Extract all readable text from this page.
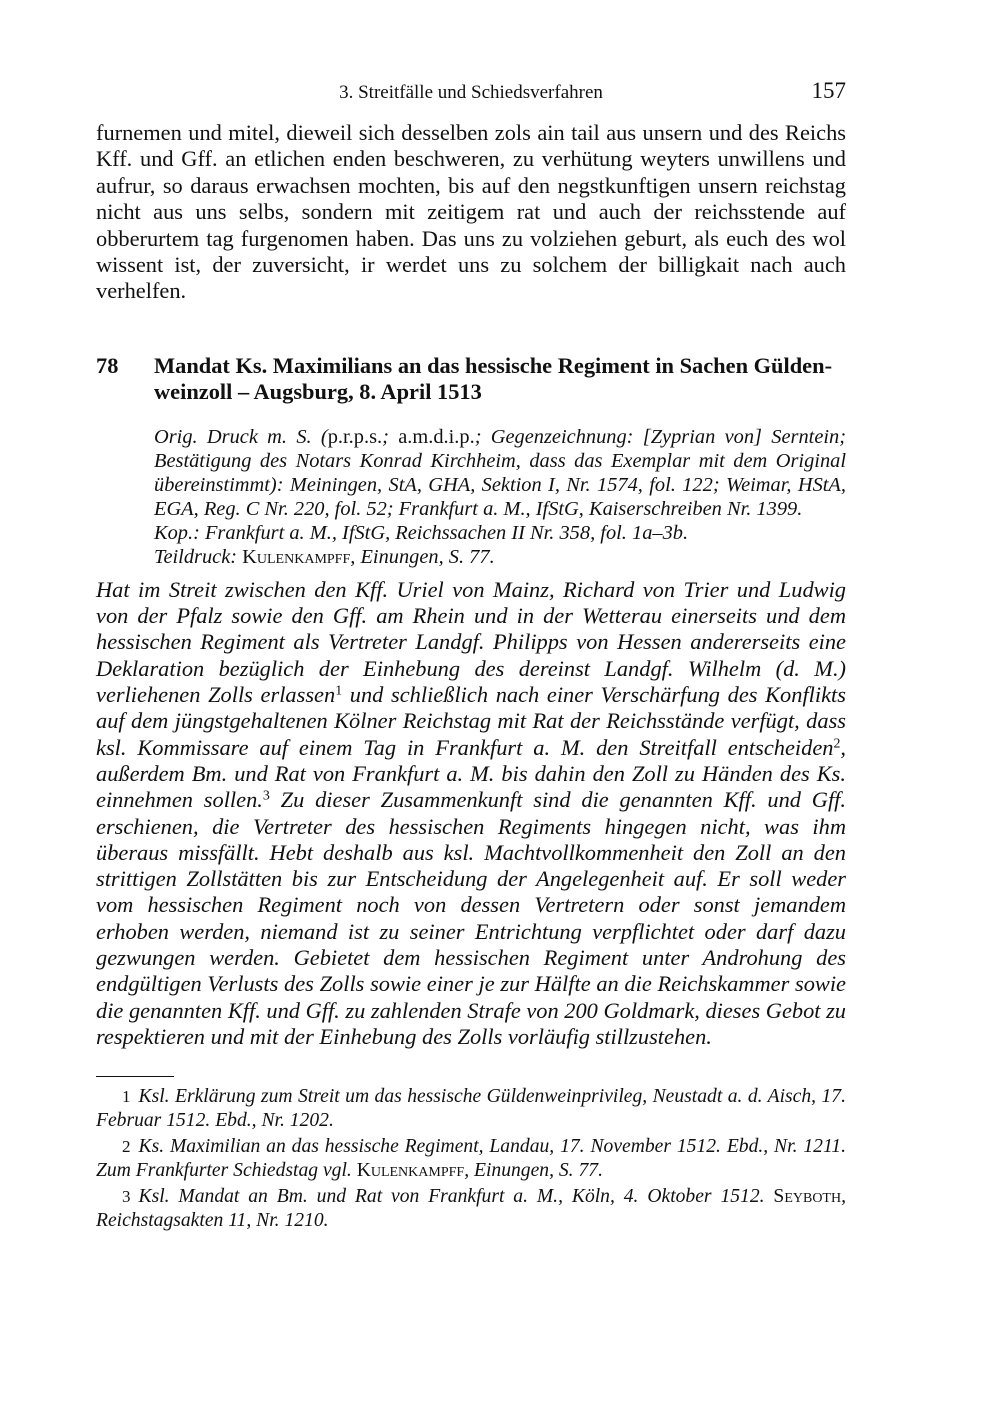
3. Streitfälle und Schiedsverfahren	157

furnemen und mitel, dieweil sich desselben zols ain tail aus unsern und des Reichs Kff. und Gff. an etlichen enden beschweren, zu verhütung weyters unwillens und aufrur, so daraus erwachsen mochten, bis auf den negstkunftigen unsern reichstag nicht aus uns selbs, sondern mit zeitigem rat und auch der reichsstende auf obberurtem tag furgenomen haben. Das uns zu volziehen geburt, als euch des wol wissent ist, der zuversicht, ir werdet uns zu solchem der billigkait nach auch verhelfen.

78	Mandat Ks. Maximilians an das hessische Regiment in Sachen Güldenweinzoll – Augsburg, 8. April 1513
Orig. Druck m. S. (p.r.p.s.; a.m.d.i.p.; Gegenzeichnung: [Zyprian von] Serntein; Bestätigung des Notars Konrad Kirchheim, dass das Exemplar mit dem Original übereinstimmt): Meiningen, StA, GHA, Sektion I, Nr. 1574, fol. 122; Weimar, HStA, EGA, Reg. C Nr. 220, fol. 52; Frankfurt a. M., IfStG, Kaiserschreiben Nr. 1399.
Kop.: Frankfurt a. M., IfStG, Reichssachen II Nr. 358, fol. 1a–3b.
Teildruck: Kulenkampff, Einungen, S. 77.

Hat im Streit zwischen den Kff. Uriel von Mainz, Richard von Trier und Ludwig von der Pfalz sowie den Gff. am Rhein und in der Wetterau einerseits und dem hessischen Regiment als Vertreter Landgf. Philipps von Hessen andererseits eine Deklaration bezüglich der Einhebung des dereinst Landgf. Wilhelm (d. M.) verliehenen Zolls erlassen$^1$ und schließlich nach einer Verschärfung des Konflikts auf dem jüngstgehaltenen Kölner Reichstag mit Rat der Reichsstände verfügt, dass ksl. Kommissare auf einem Tag in Frankfurt a. M. den Streitfall entscheiden$^2$, außerdem Bm. und Rat von Frankfurt a. M. bis dahin den Zoll zu Händen des Ks. einnehmen sollen.$^3$ Zu dieser Zusammenkunft sind die genannten Kff. und Gff. erschienen, die Vertreter des hessischen Regiments hingegen nicht, was ihm überaus missfällt. Hebt deshalb aus ksl. Machtvollkommenheit den Zoll an den strittigen Zollstätten bis zur Entscheidung der Angelegenheit auf. Er soll weder vom hessischen Regiment noch von dessen Vertretern oder sonst jemandem erhoben werden, niemand ist zu seiner Entrichtung verpflichtet oder darf dazu gezwungen werden. Gebietet dem hessischen Regiment unter Androhung des endgültigen Verlusts des Zolls sowie einer je zur Hälfte an die Reichskammer sowie die genannten Kff. und Gff. zu zahlenden Strafe von 200 Goldmark, dieses Gebot zu respektieren und mit der Einhebung des Zolls vorläufig stillzustehen.

1 Ksl. Erklärung zum Streit um das hessische Güldenweinprivileg, Neustadt a. d. Aisch, 17. Februar 1512. Ebd., Nr. 1202.

2 Ks. Maximilian an das hessische Regiment, Landau, 17. November 1512. Ebd., Nr. 1211. Zum Frankfurter Schiedstag vgl. Kulenkampff, Einungen, S. 77.

3 Ksl. Mandat an Bm. und Rat von Frankfurt a. M., Köln, 4. Oktober 1512. Seyboth, Reichstagsakten 11, Nr. 1210.
